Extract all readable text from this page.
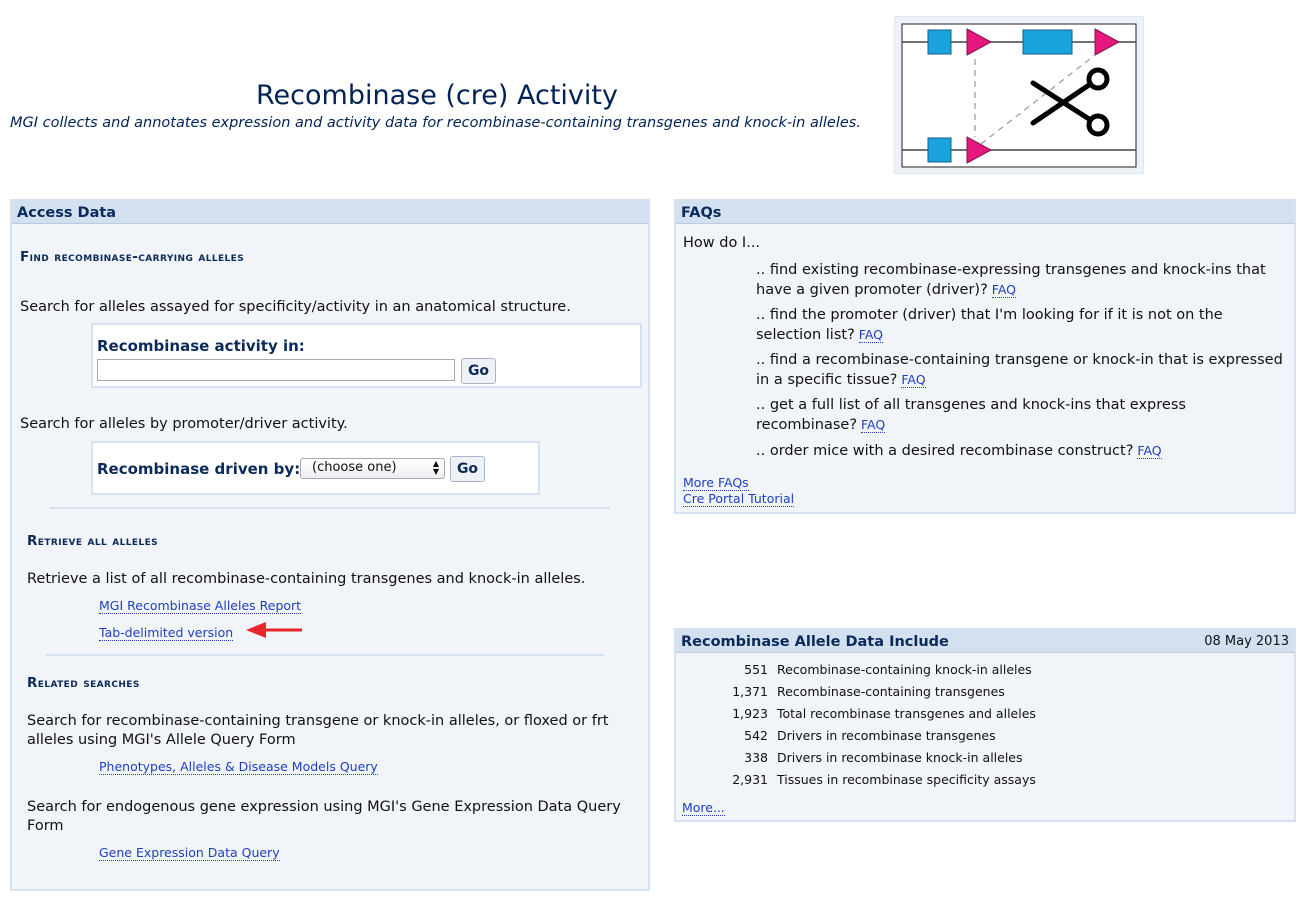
Recombinase (cre) Activity
MGI collects and annotates expression and activity data for recombinase-containing transgenes and knock-in alleles.
Access Data
Find recombinase-carrying alleles
Search for alleles assayed for specificity/activity in an anatomical structure.
Recombinase activity in:
Go
Search for alleles by promoter/driver activity.
Recombinase driven by: (choose one)	▲
▼	Go
Retrieve all alleles
Retrieve a list of all recombinase-containing transgenes and knock-in alleles.
MGI Recombinase Alleles Report
Tab-delimited version
Related searches
Search for recombinase-containing transgene or knock-in alleles, or floxed or frt alleles using MGI's Allele Query Form
Phenotypes, Alleles & Disease Models Query
Search for endogenous gene expression using MGI's Gene Expression Data Query Form
Gene Expression Data Query
FAQs
How do I...
.. find existing recombinase-expressing transgenes and knock-ins that have a given promoter (driver)? FAQ
.. find the promoter (driver) that I'm looking for if it is not on the selection list? FAQ
.. find a recombinase-containing transgene or knock-in that is expressed in a specific tissue? FAQ
.. get a full list of all transgenes and knock-ins that express recombinase? FAQ
.. order mice with a desired recombinase construct? FAQ
More FAQs
Cre Portal Tutorial
Recombinase Allele Data Include	08 May 2013
551 Recombinase-containing knock-in alleles
1,371 Recombinase-containing transgenes
1,923 Total recombinase transgenes and alleles
542 Drivers in recombinase transgenes
338 Drivers in recombinase knock-in alleles
2,931 Tissues in recombinase specificity assays
More...
